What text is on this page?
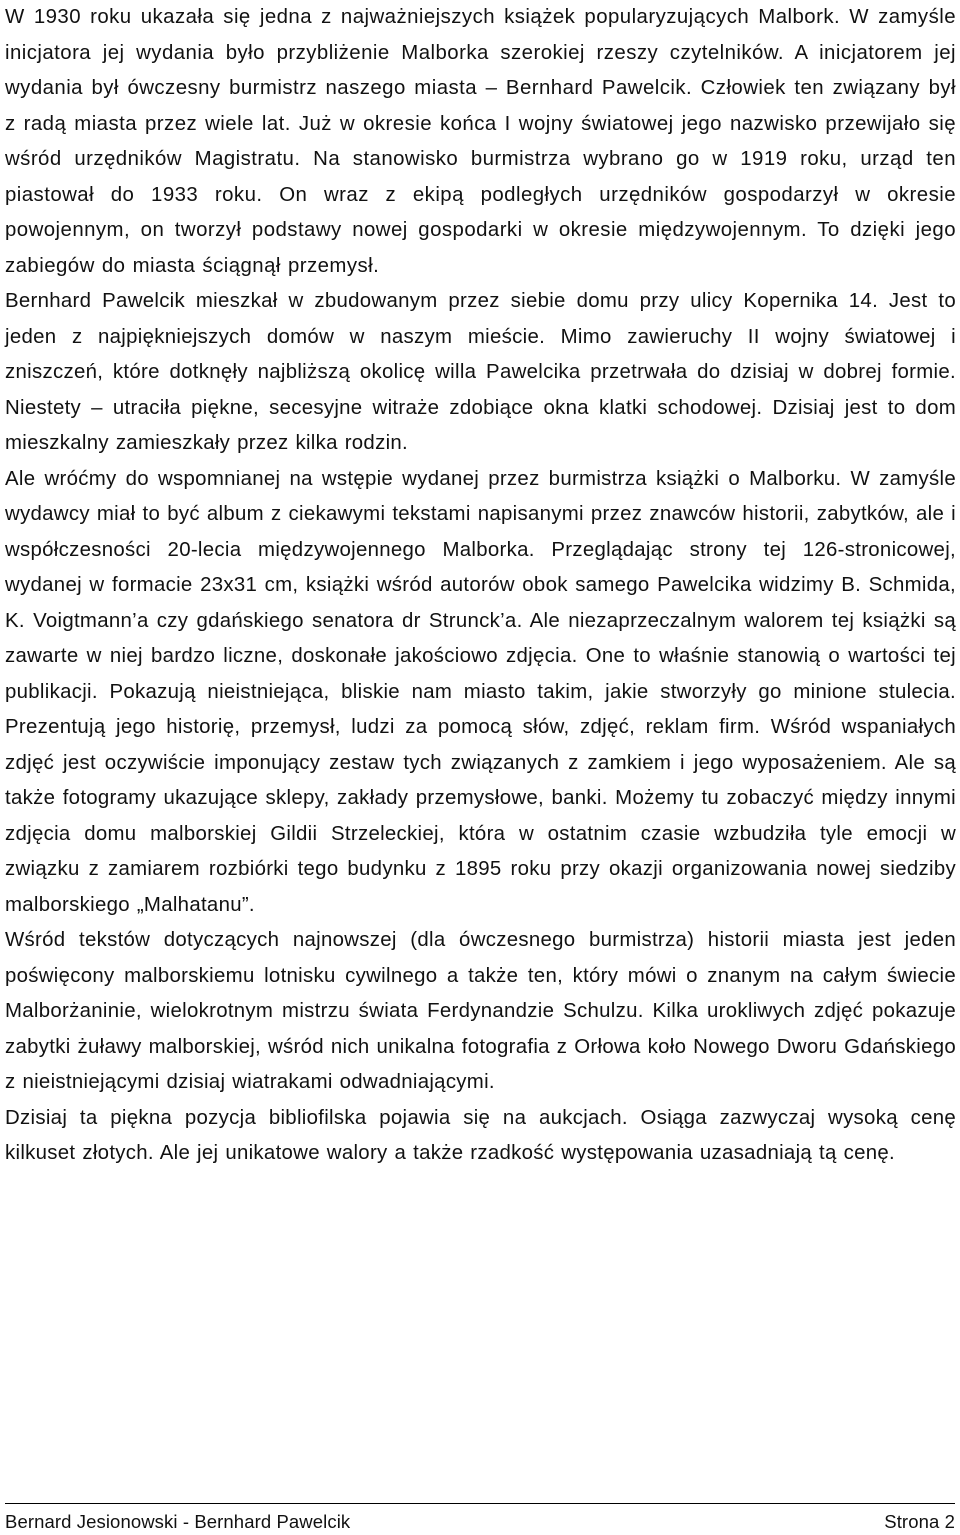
W 1930 roku ukazała się jedna z najważniejszych książek popularyzujących Malbork. W zamyśle inicjatora jej wydania było przybliżenie Malborka szerokiej rzeszy czytelników. A inicjatorem jej wydania był ówczesny burmistrz naszego miasta – Bernhard Pawelcik. Człowiek ten związany był z radą miasta przez wiele lat. Już w okresie końca I wojny światowej jego nazwisko przewijało się wśród urzędników Magistratu. Na stanowisko burmistrza wybrano go w 1919 roku, urząd ten piastował do 1933 roku. On wraz z ekipą podległych urzędników gospodarzył w okresie powojennym, on tworzył podstawy nowej gospodarki w okresie międzywojennym. To dzięki jego zabiegów do miasta ściągnął przemysł.

Bernhard Pawelcik mieszkał w zbudowanym przez siebie domu przy ulicy Kopernika 14. Jest to jeden z najpiękniejszych domów w naszym mieście. Mimo zawieruchy II wojny światowej i zniszczeń, które dotknęły najbliższą okolicę willa Pawelcika przetrwała do dzisiaj w dobrej formie. Niestety – utraciła piękne, secesyjne witraże zdobiące okna klatki schodowej. Dzisiaj jest to dom mieszkalny zamieszkały przez kilka rodzin.

Ale wróćmy do wspomnianej na wstępie wydanej przez burmistrza książki o Malborku. W zamyśle wydawcy miał to być album z ciekawymi tekstami napisanymi przez znawców historii, zabytków, ale i współczesności 20-lecia międzywojennego Malborka. Przeglądając strony tej 126-stronicowej, wydanej w formacie 23x31 cm, książki wśród autorów obok samego Pawelcika widzimy B. Schmida, K. Voigtmann’a czy gdańskiego senatora dr Strunck’a. Ale niezaprzeczalnym walorem tej książki są zawarte w niej bardzo liczne, doskonałe jakościowo zdjęcia. One to właśnie stanowią o wartości tej publikacji. Pokazują nieistniejąca, bliskie nam miasto takim, jakie stworzyły go minione stulecia. Prezentują jego historię, przemysł, ludzi za pomocą słów, zdjęć, reklam firm. Wśród wspaniałych zdjęć jest oczywiście imponujący zestaw tych związanych z zamkiem i jego wyposażeniem. Ale są także fotogramy ukazujące sklepy, zakłady przemysłowe, banki. Możemy tu zobaczyć między innymi zdjęcia domu malborskiej Gildii Strzeleckiej, która w ostatnim czasie wzbudziła tyle emocji w związku z zamiarem rozbiórki tego budynku z 1895 roku przy okazji organizowania nowej siedziby malborskiego „Malhatanu”.

Wśród tekstów dotyczących najnowszej (dla ówczesnego burmistrza) historii miasta jest jeden poświęcony malborskiemu lotnisku cywilnego a także ten, który mówi o znanym na całym świecie Malborżaninie, wielokrotnym mistrzu świata Ferdynandzie Schulzu. Kilka urokliwych zdjęć pokazuje zabytki żuławy malborskiej, wśród nich unikalna fotografia z Orłowa koło Nowego Dworu Gdańskiego z nieistniejącymi dzisiaj wiatrakami odwadniającymi.

Dzisiaj ta piękna pozycja bibliofilska pojawia się na aukcjach. Osiąga zazwyczaj wysoką cenę kilkuset złotych. Ale jej unikatowe walory a także rzadkość występowania uzasadniają tą cenę.

Bernard Jesionowski - Bernhard Pawelcik	Strona 2
